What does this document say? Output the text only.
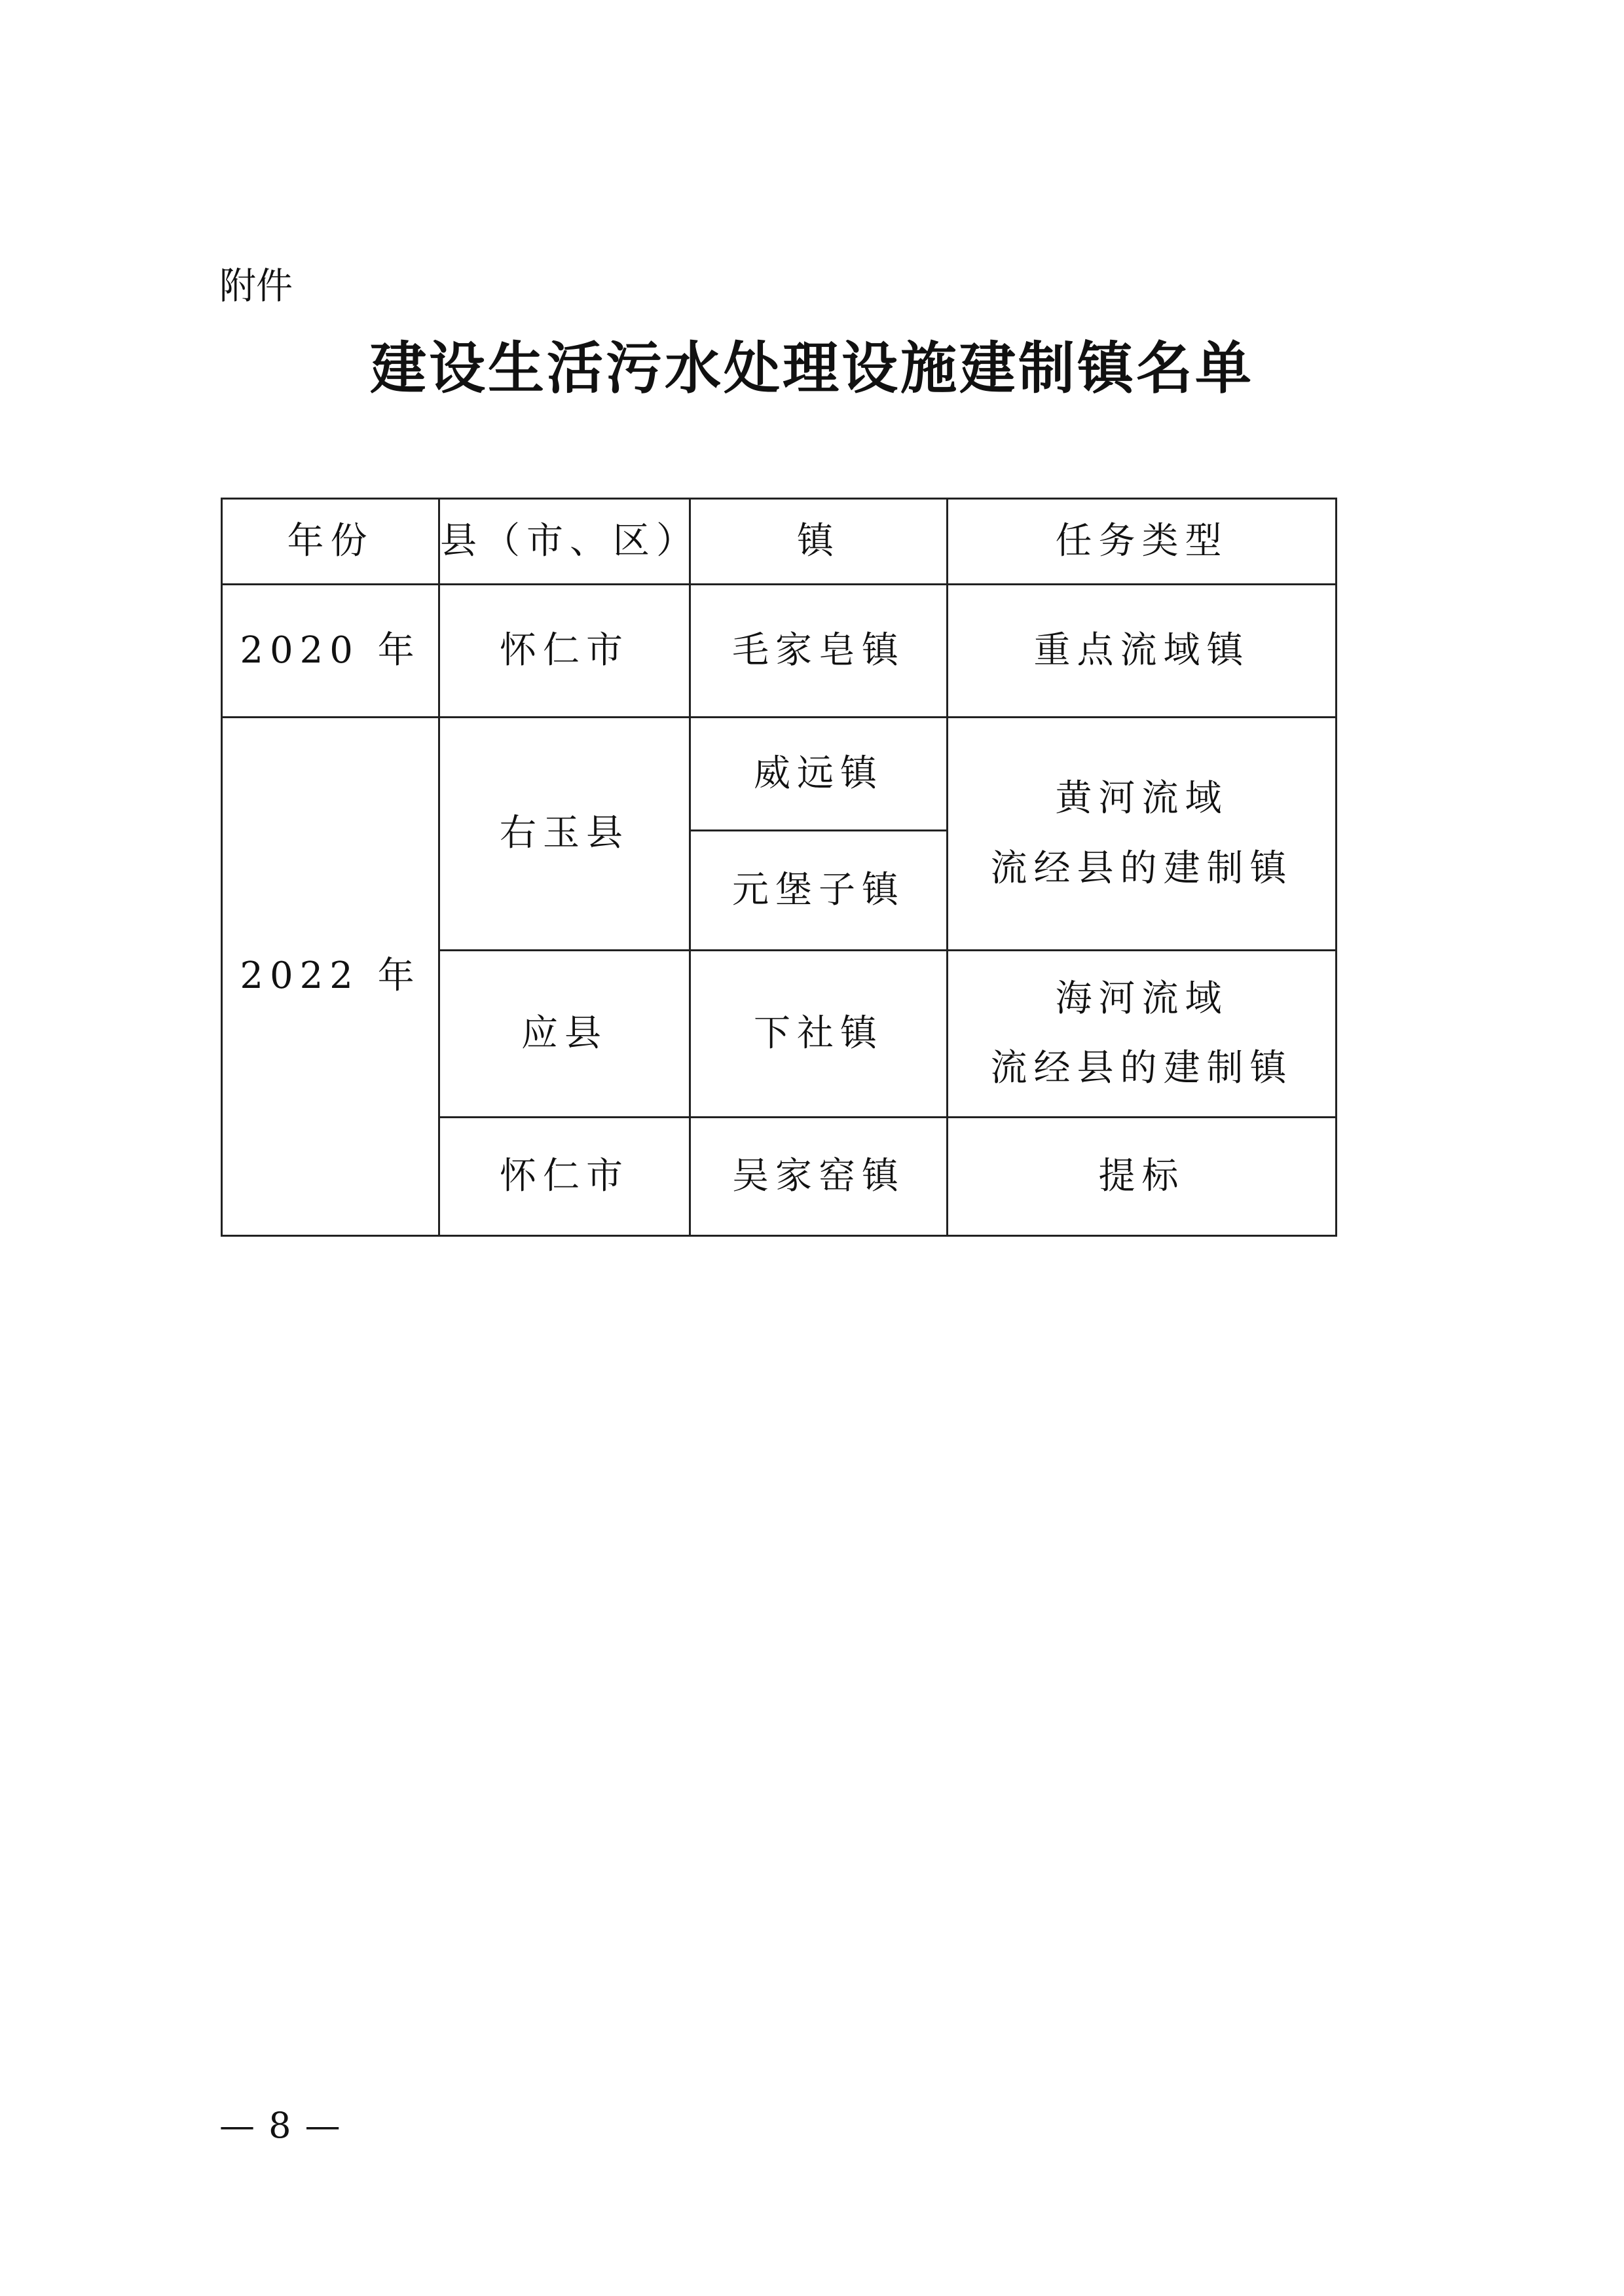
附件
建设生活污水处理设施建制镇名单
年份	县（市、区）	镇	任务类型
2020 年	怀仁市	毛家皂镇	重点流域镇
2022 年	右玉县	威远镇	黄河流域
流经县的建制镇

		元堡子镇	
	应县	下社镇	海河流域
流经县的建制镇

	怀仁市	吴家窑镇	提标
— 8 —
